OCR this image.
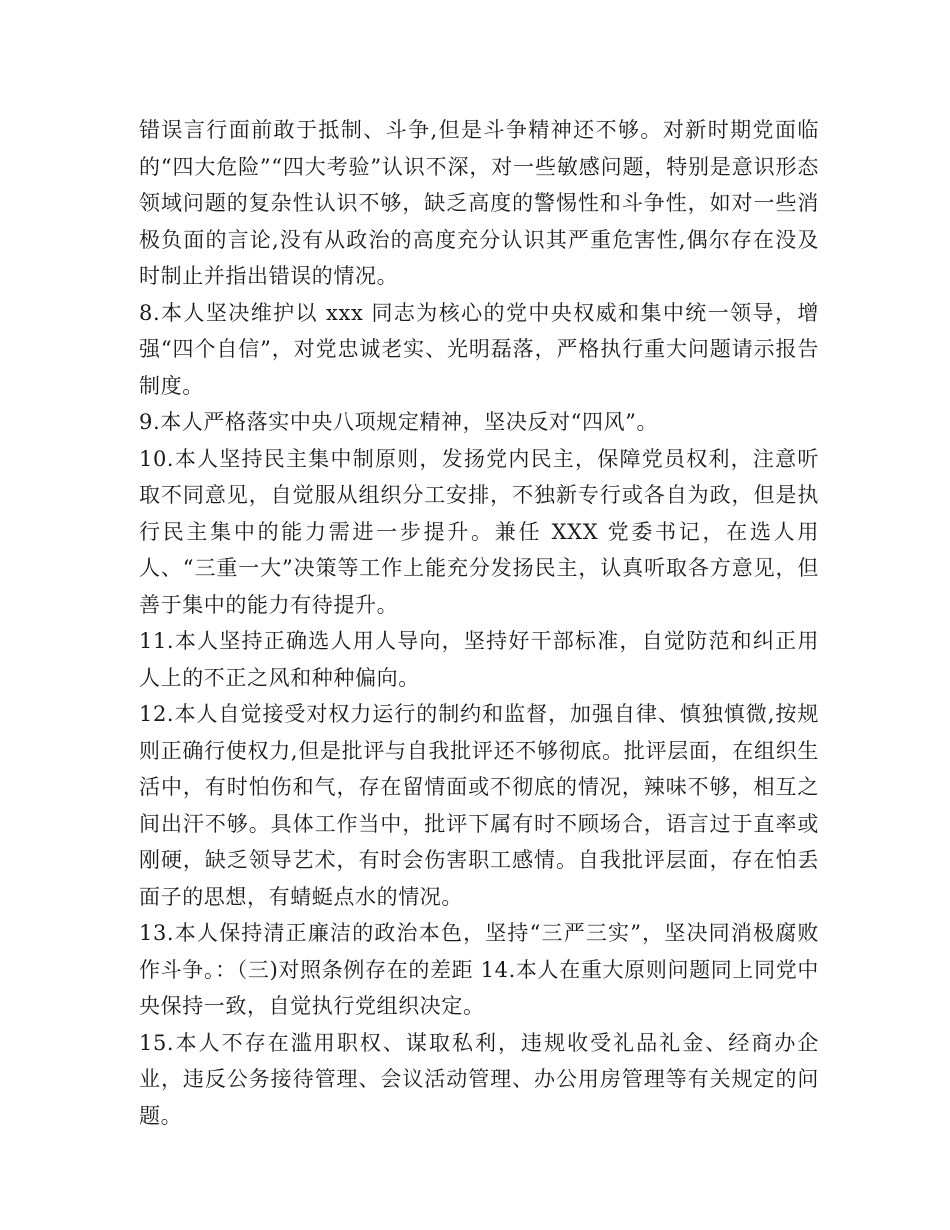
错误言行面前敢于抵制、斗争,但是斗争精神还不够。对新时期党面临的“四大危险”“四大考验”认识不深，对一些敏感问题，特别是意识形态领域问题的复杂性认识不够，缺乏高度的警惕性和斗争性，如对一些消极负面的言论,没有从政治的高度充分认识其严重危害性,偶尔存在没及时制止并指出错误的情况。

8.本人坚决维护以 xxx 同志为核心的党中央权威和集中统一领导，增强“四个自信”，对党忠诚老实、光明磊落，严格执行重大问题请示报告制度。

9.本人严格落实中央八项规定精神，坚决反对“四风”。

10.本人坚持民主集中制原则，发扬党内民主，保障党员权利，注意听取不同意见，自觉服从组织分工安排，不独新专行或各自为政，但是执行民主集中的能力需进一步提升。兼任 XXX 党委书记，在选人用人、“三重一大”决策等工作上能充分发扬民主，认真听取各方意见，但善于集中的能力有待提升。

11.本人坚持正确选人用人导向，坚持好干部标准，自觉防范和纠正用人上的不正之风和种种偏向。

12.本人自觉接受对权力运行的制约和监督，加强自律、慎独慎微,按规则正确行使权力,但是批评与自我批评还不够彻底。批评层面，在组织生活中，有时怕伤和气，存在留情面或不彻底的情况，辣味不够，相互之间出汗不够。具体工作当中，批评下属有时不顾场合，语言过于直率或刚硬，缺乏领导艺术，有时会伤害职工感情。自我批评层面，存在怕丢面子的思想，有蜻蜓点水的情况。

13.本人保持清正廉洁的政治本色，坚持“三严三实”，坚决同消极腐败作斗争。：（三)对照条例存在的差距 14.本人在重大原则问题同上同党中央保持一致，自觉执行党组织决定。

15.本人不存在滥用职权、谋取私利，违规收受礼品礼金、经商办企业，违反公务接待管理、会议活动管理、办公用房管理等有关规定的问题。
